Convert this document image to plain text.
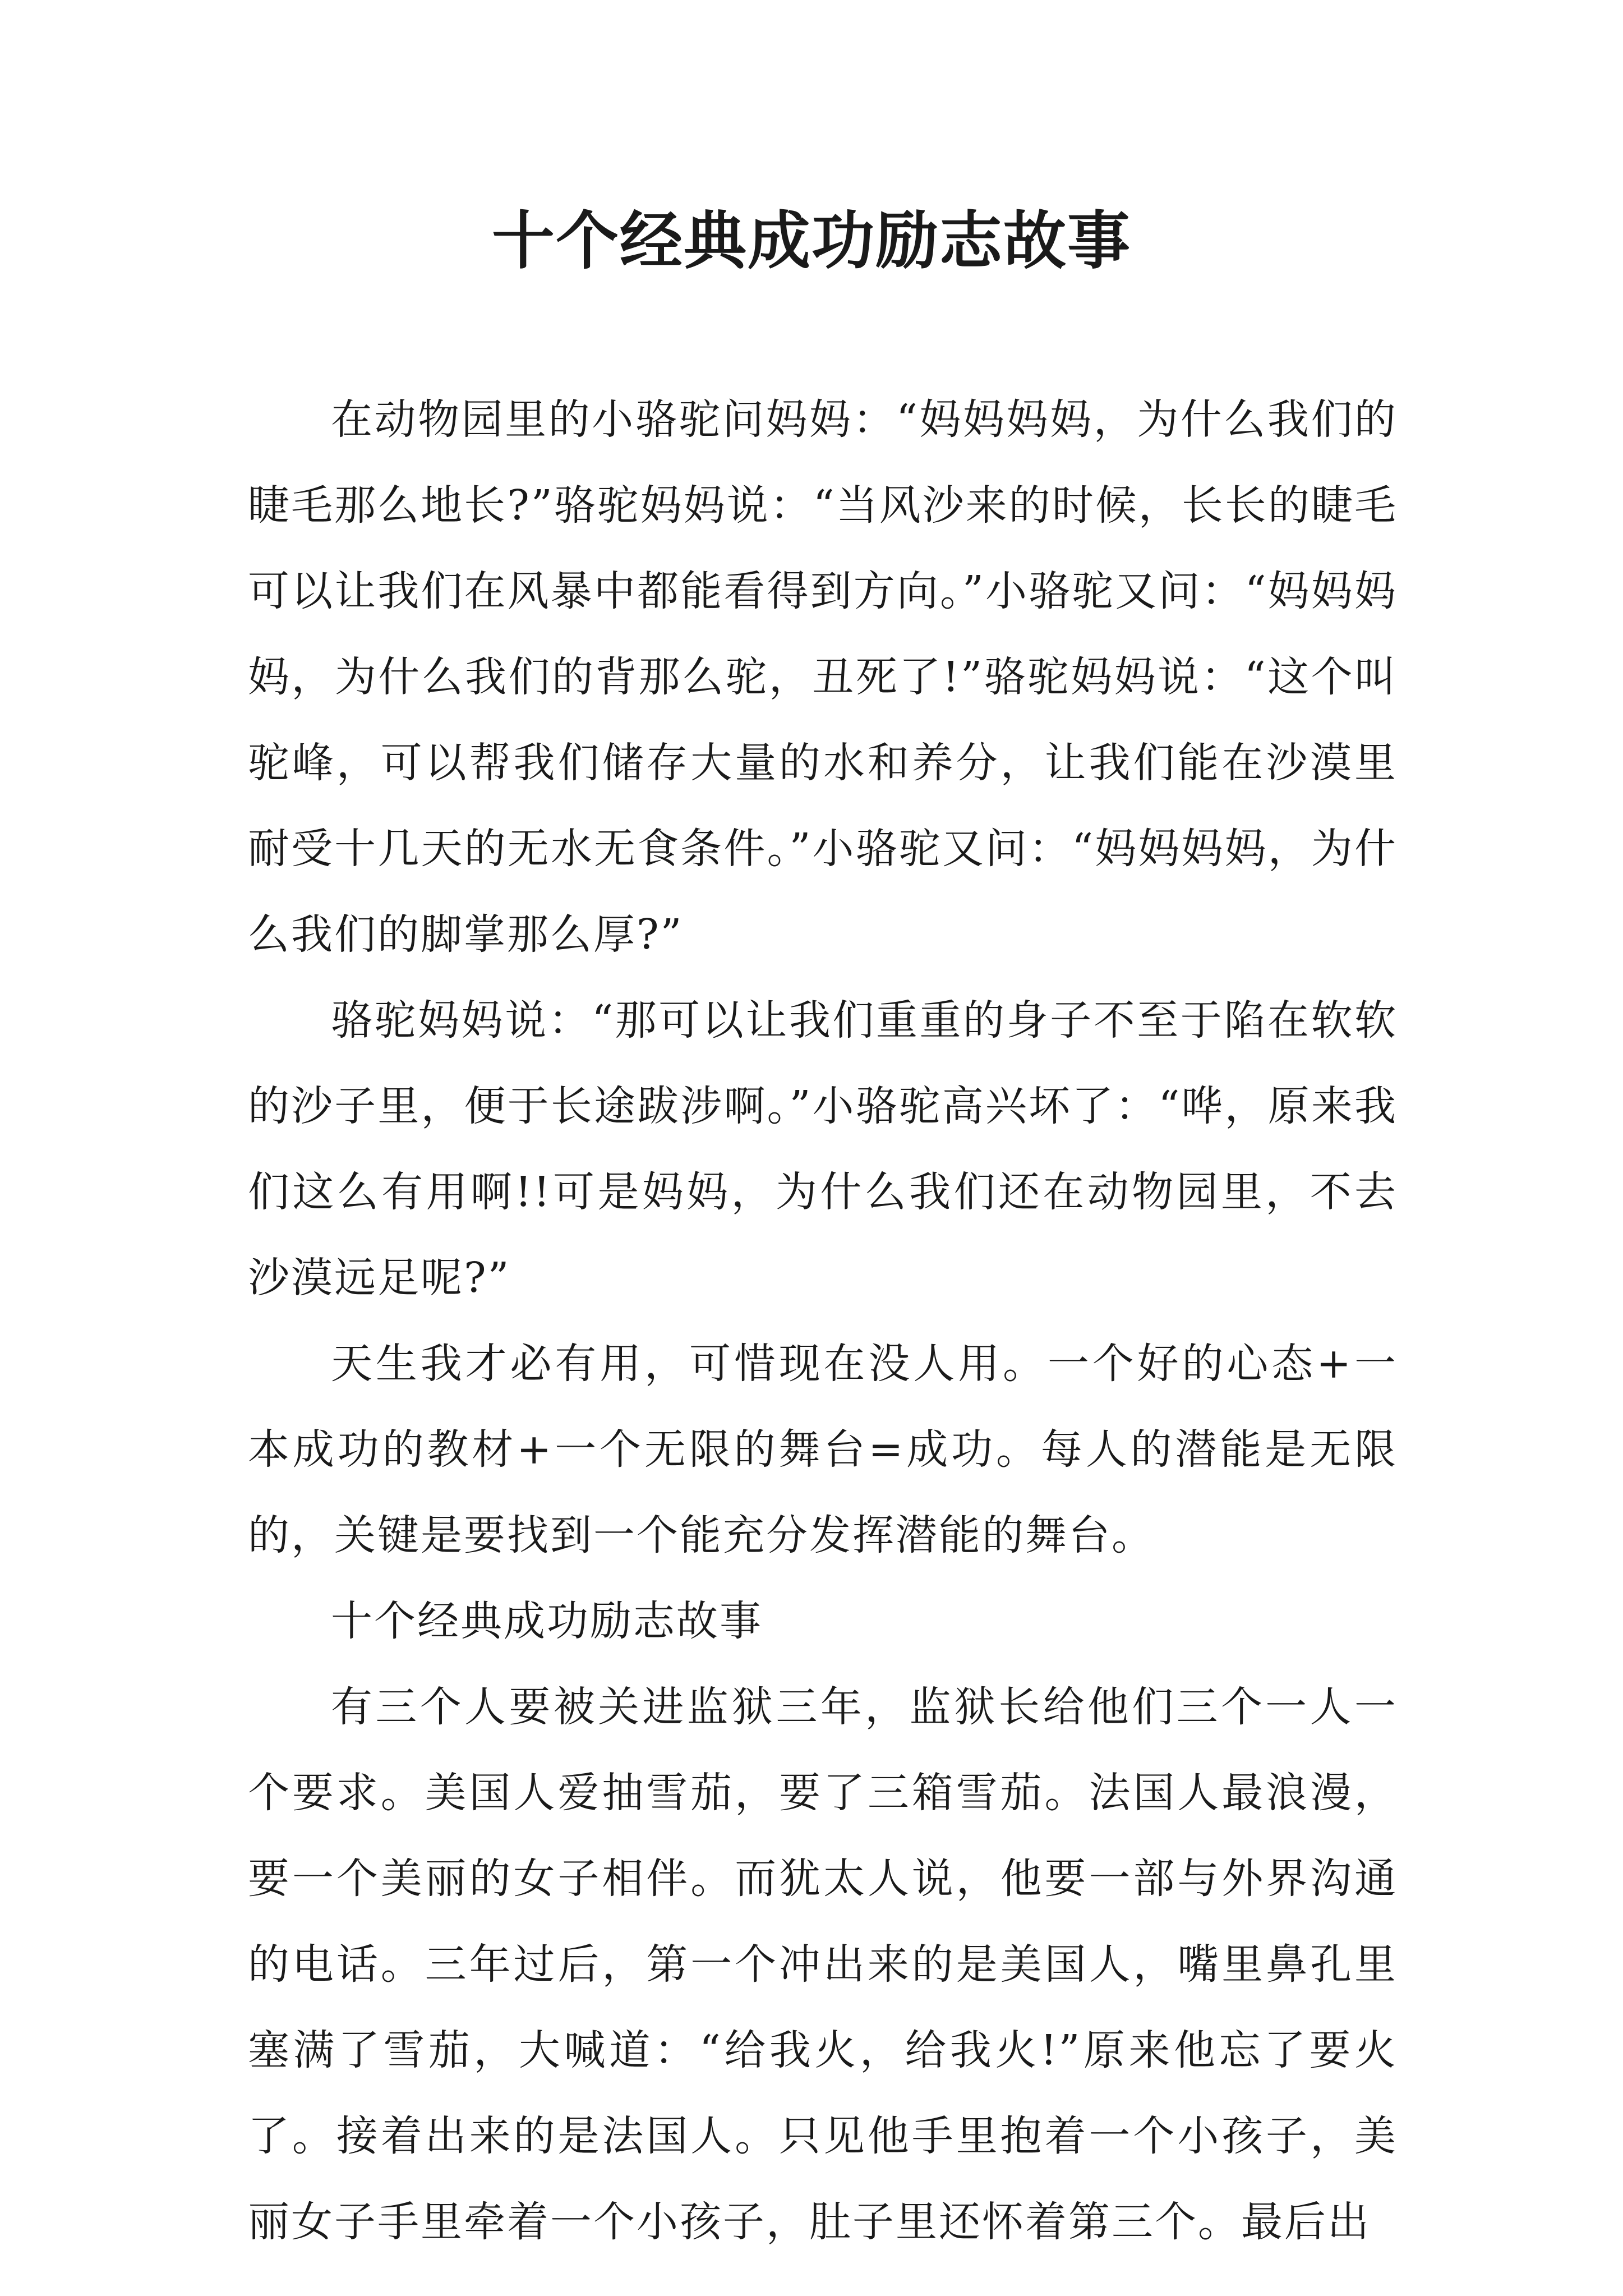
十个经典成功励志故事

在动物园里的小骆驼问妈妈：“妈妈妈妈，为什么我们的睫毛那么地长?”骆驼妈妈说：“当风沙来的时候，长长的睫毛可以让我们在风暴中都能看得到方向。”小骆驼又问：“妈妈妈妈，为什么我们的背那么驼，丑死了!”骆驼妈妈说：“这个叫驼峰，可以帮我们储存大量的水和养分，让我们能在沙漠里耐受十几天的无水无食条件。”小骆驼又问：“妈妈妈妈，为什么我们的脚掌那么厚?”

骆驼妈妈说：“那可以让我们重重的身子不至于陷在软软的沙子里，便于长途跋涉啊。”小骆驼高兴坏了：“哗，原来我们这么有用啊!!可是妈妈，为什么我们还在动物园里，不去沙漠远足呢?”

天生我才必有用，可惜现在没人用。一个好的心态+一本成功的教材+一个无限的舞台=成功。每人的潜能是无限的，关键是要找到一个能充分发挥潜能的舞台。

十个经典成功励志故事

有三个人要被关进监狱三年，监狱长给他们三个一人一个要求。美国人爱抽雪茄，要了三箱雪茄。法国人最浪漫，要一个美丽的女子相伴。而犹太人说，他要一部与外界沟通的电话。三年过后，第一个冲出来的是美国人，嘴里鼻孔里塞满了雪茄，大喊道：“给我火，给我火!”原来他忘了要火了。接着出来的是法国人。只见他手里抱着一个小孩子，美丽女子手里牵着一个小孩子，肚子里还怀着第三个。最后出
